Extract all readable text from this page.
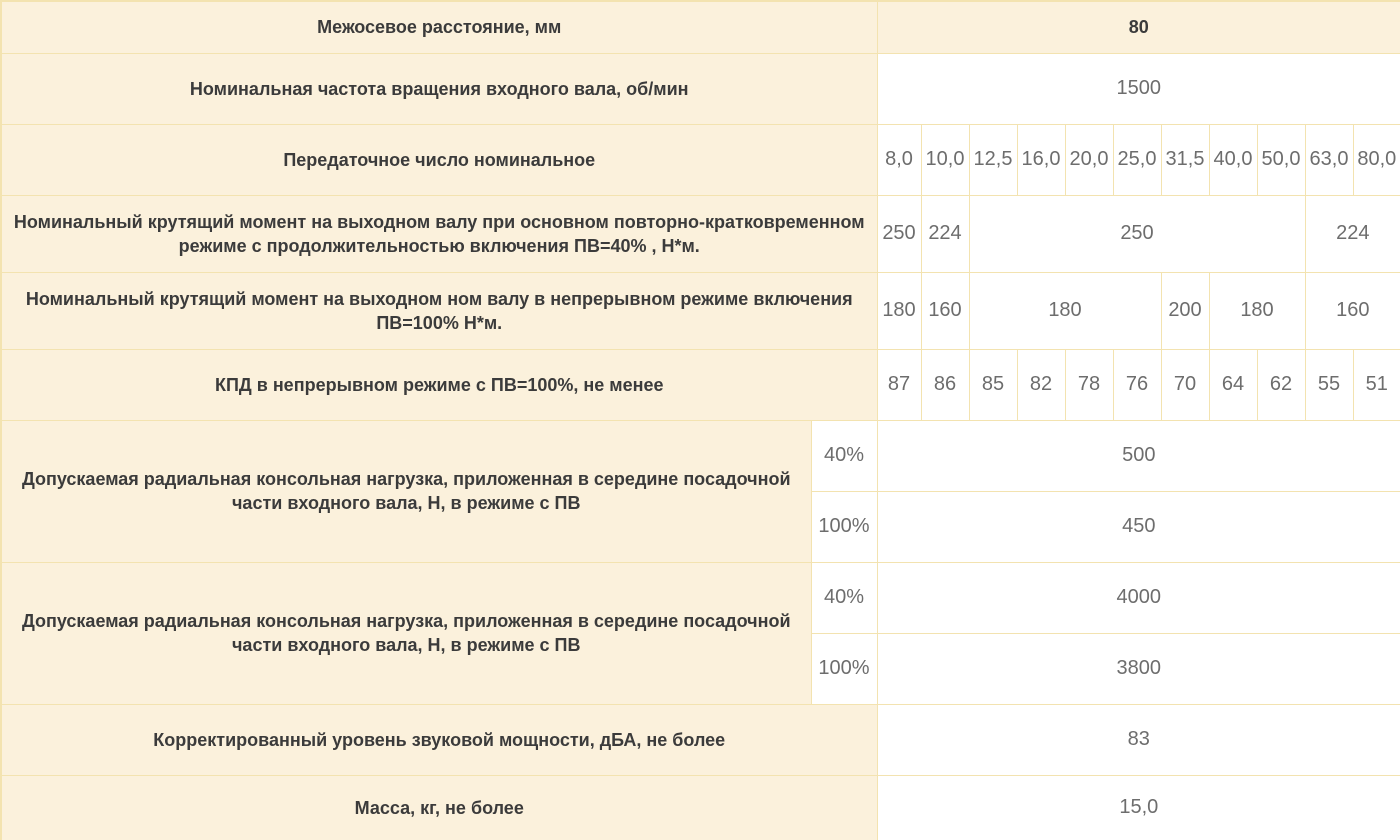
Межосевое расстояние, мм		80										
Номинальная частота вращения входного вала, об/мин		1500										
Передаточное число номинальное		8,0	10,0	12,5	16,0	20,0	25,0	31,5	40,0	50,0	63,0	80,0
Номинальный крутящий момент на выходном валу при основном повторно-кратковременном режиме с продолжительностью включения ПВ=40% , Н*м.		250	224	250							224	
Номинальный крутящий момент на выходном ном валу в непрерывном режиме включения ПВ=100% Н*м.		180	160	180				200	180		160	
КПД в непрерывном режиме с ПВ=100%, не менее		87	86	85	82	78	76	70	64	62	55	51
Допускаемая радиальная консольная нагрузка, приложенная в середине посадочной части входного вала, Н, в режиме с ПВ	40%	500										
	100%	450										
Допускаемая радиальная консольная нагрузка, приложенная в середине посадочной части входного вала, Н, в режиме с ПВ	40%	4000										
	100%	3800										
Корректированный уровень звуковой мощности, дБА, не более		83										
Масса, кг, не более		15,0										
